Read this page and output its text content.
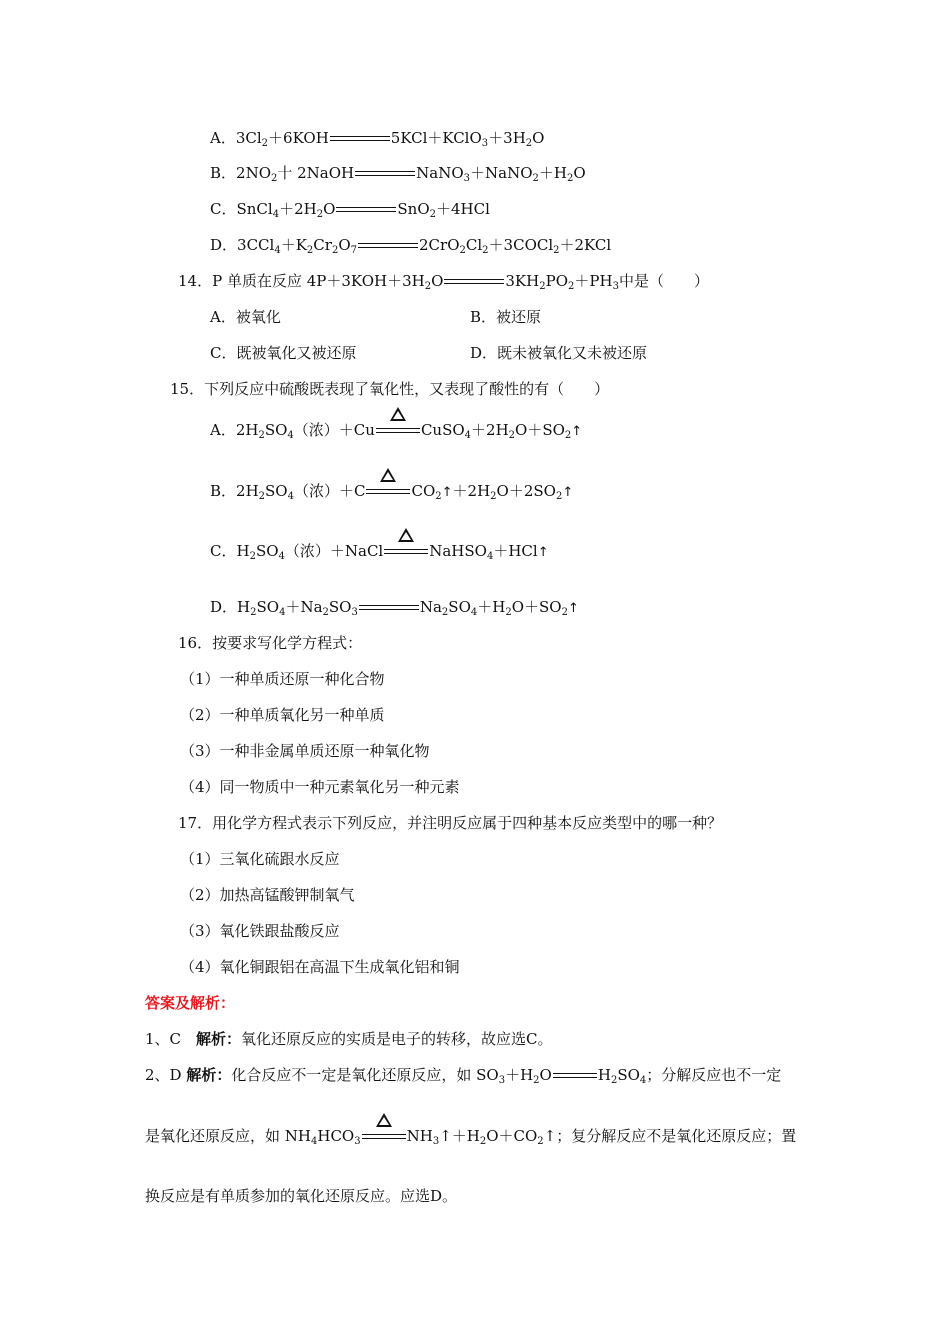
A．$3Cl_2+6KOH$	$5KCl+KClO_3+3H_2O$
B．$2NO_2$十 2NaOH	$NaNO_3+NaNO_2+H_2O$
C．$SnCl_4+2H_2O$	SnO$_2$＋4HCl
D．$3CCl_4+K_2Cr_2O_7$	$2CrO_2Cl_2+3COCl_2+2KCl$
14．P 单质在反应 $4P+3KOH+3H_2O$	$3KH_2PO_2+PH_3$中是（　　）
A．被氧化	B．被还原
C．既被氧化又被还原	D．既未被氧化又未被还原
15．下列反应中硫酸既表现了氧化性，又表现了酸性的有（　　）
A．$2H_2SO_4$（浓）＋Cu	$CuSO_4+2H_2O+SO_2↑$
B．$2H_2SO_4$（浓）＋C	$CO_2↑+2H_2O+2SO_2↑$
C．$H_2SO_4$（浓）＋NaCl	NaHSO$_4$＋HCl↑
D．$H_2SO_4+Na_2SO_3$	$Na_2SO_4+H_2O+SO_2↑$
16．按要求写化学方程式：
（1）一种单质还原一种化合物
（2）一种单质氧化另一种单质
（3）一种非金属单质还原一种氧化物
（4）同一物质中一种元素氧化另一种元素
17．用化学方程式表示下列反应，并注明反应属于四种基本反应类型中的哪一种？
（1）三氧化硫跟水反应
（2）加热高锰酸钾制氧气
（3）氧化铁跟盐酸反应
（4）氧化铜跟铝在高温下生成氧化铝和铜
答案及解析：
1、C　解析：氧化还原反应的实质是电子的转移，故应选C。
2、D 解析：化合反应不一定是氧化还原反应，如 $SO_3+H_2O$	$H_2SO_4$；分解反应也不一定
是氧化还原反应，如 $NH_4HCO_3$	$NH_3↑+H_2O+CO_2↑$；复分解反应不是氧化还原反应；置
换反应是有单质参加的氧化还原反应。应选D。
